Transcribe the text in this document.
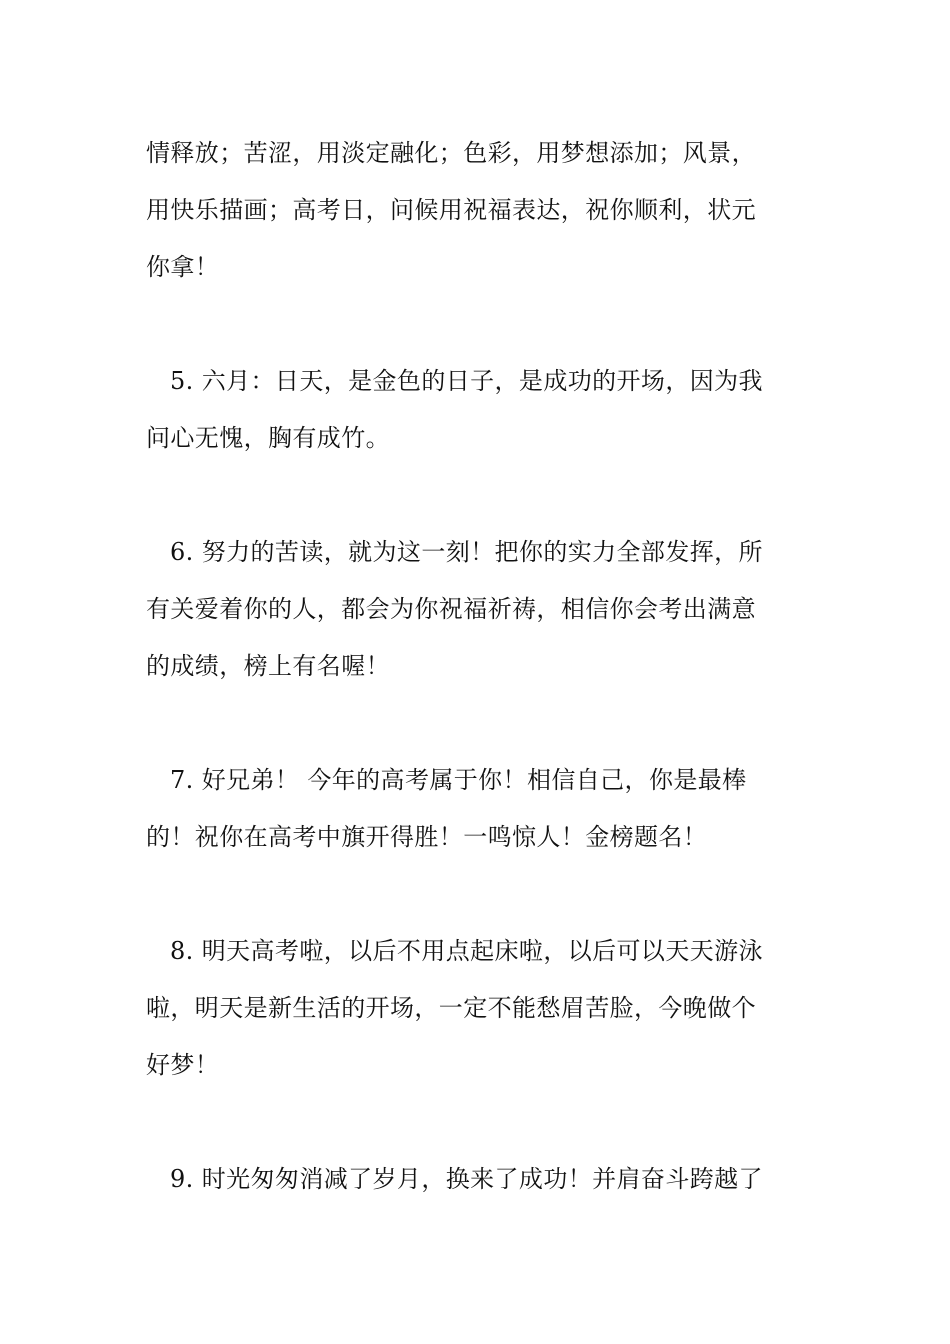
情释放；苦涩，用淡定融化；色彩，用梦想添加；风景，
用快乐描画；高考日，问候用祝福表达，祝你顺利，状元
你拿！
5. 六月：日天，是金色的日子，是成功的开场，因为我
问心无愧，胸有成竹。
6. 努力的苦读，就为这一刻！把你的实力全部发挥，所
有关爱着你的人，都会为你祝福祈祷，相信你会考出满意
的成绩，榜上有名喔！
7. 好兄弟！ 今年的高考属于你！相信自己，你是最棒
的！祝你在高考中旗开得胜！一鸣惊人！金榜题名！
8. 明天高考啦，以后不用点起床啦，以后可以天天游泳
啦，明天是新生活的开场，一定不能愁眉苦脸，今晚做个
好梦！
9. 时光匆匆消减了岁月，换来了成功！并肩奋斗跨越了
